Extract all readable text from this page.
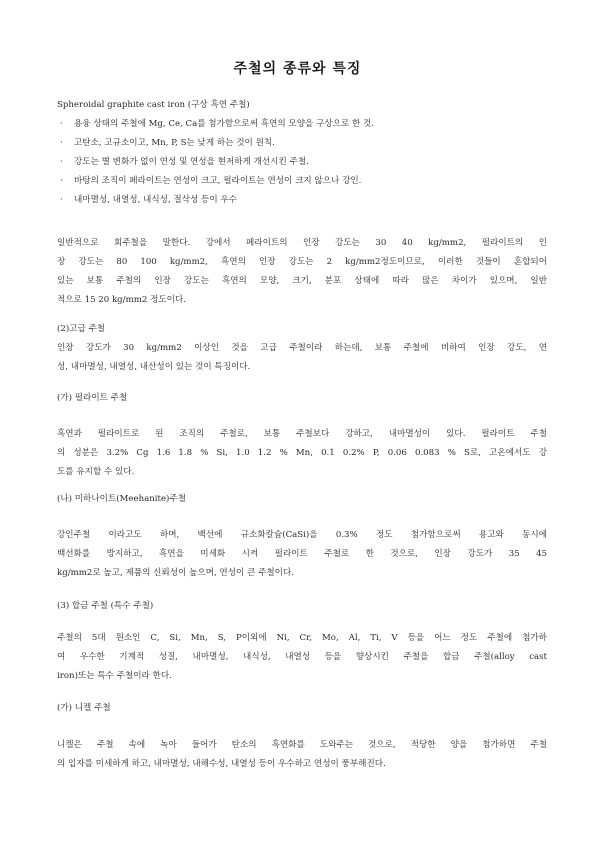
주철의 종류와 특징
Spheroidal graphite cast iron (구상 흑연 주철)
·	용융 상태의 주철에 Mg, Ce, Ca를 첨가함으로써 흑연의 모양을 구상으로 한 것.
·	고탄소, 고규소이고, Mn, P, S는 낮게 하는 것이 원칙.
·	강도는 별 변화가 없이 연성 및 연성을 현저하게 개선시킨 주철.
·	바탕의 조직이 페라이트는 연성이 크고, 펄라이트는 연성이 크지 않으나 강인.
·	내마멸성, 내열성, 내식성, 절삭성 등이 우수
일반적으로 회주철을 말한다. 강에서 페라이트의 인장 강도는 30 40 kg/mm2, 펄라이트의 인
장 강도는 80 100 kg/mm2, 흑연의 인장 강도는 2 kg/mm2정도이므로, 이러한 것들이 혼합되어
있는 보통 주철의 인장 강도는 흑연의 모양, 크기, 분포 상태에 따라 많은 차이가 있으며, 일반
적으로 15 20 kg/mm2 정도이다.
(2)고급 주철
인장 강도가 30 kg/mm2 이상인 것을 고급 주철이라 하는데, 보통 주철에 비하여 인장 강도, 연
성, 내마멸성, 내열성, 내산성이 있는 것이 특징이다.
(가) 펄라이트 주철
흑연과 펄라이트로 된 조직의 주철로, 보통 주철보다 강하고, 내마멸성이 있다. 펄라이트 주철
의 성분은 3.2% Cg 1.6 1.8 % Si, 1.0 1.2 % Mn, 0.1 0.2% P, 0.06 0.083 % S로, 고온에서도 강
도를 유지할 수 있다.
(나) 미하나이트(Meehanite)주철
강인주철 이라고도 하며, 백선에 규소화칼슘(CaSi)을 0.3% 정도 첨가함으로써 용고와 동시에
백선화를 방지하고, 흑연을 미세화 시켜 펄라이트 주철로 한 것으로, 인장 강도가 35 45
kg/mm2로 높고, 제품의 신뢰성이 높으며, 연성이 큰 주철이다.
(3) 합금 주철 (특수 주철)
주철의 5대 원소인 C, Si, Mn, S, P이외에 Ni, Cr, Mo, Al, Ti, V 등을 어느 정도 주철에 첨가하
여 우수한 기계적 성질, 내마멸성, 내식성, 내열성 등을 향상시킨 주철을 합금 주철(alloy cast
iron)또는 특수 주철이라 한다.
(가) 니켈 주철
니켈은 주철 속에 녹아 들어가 탄소의 흑연화를 도와주는 것으로, 적당한 양을 첨가하면 주철
의 입자를 미세하게 하고, 내마멸성, 내해수성, 내열성 등이 우수하고 연성이 풍부해진다.
